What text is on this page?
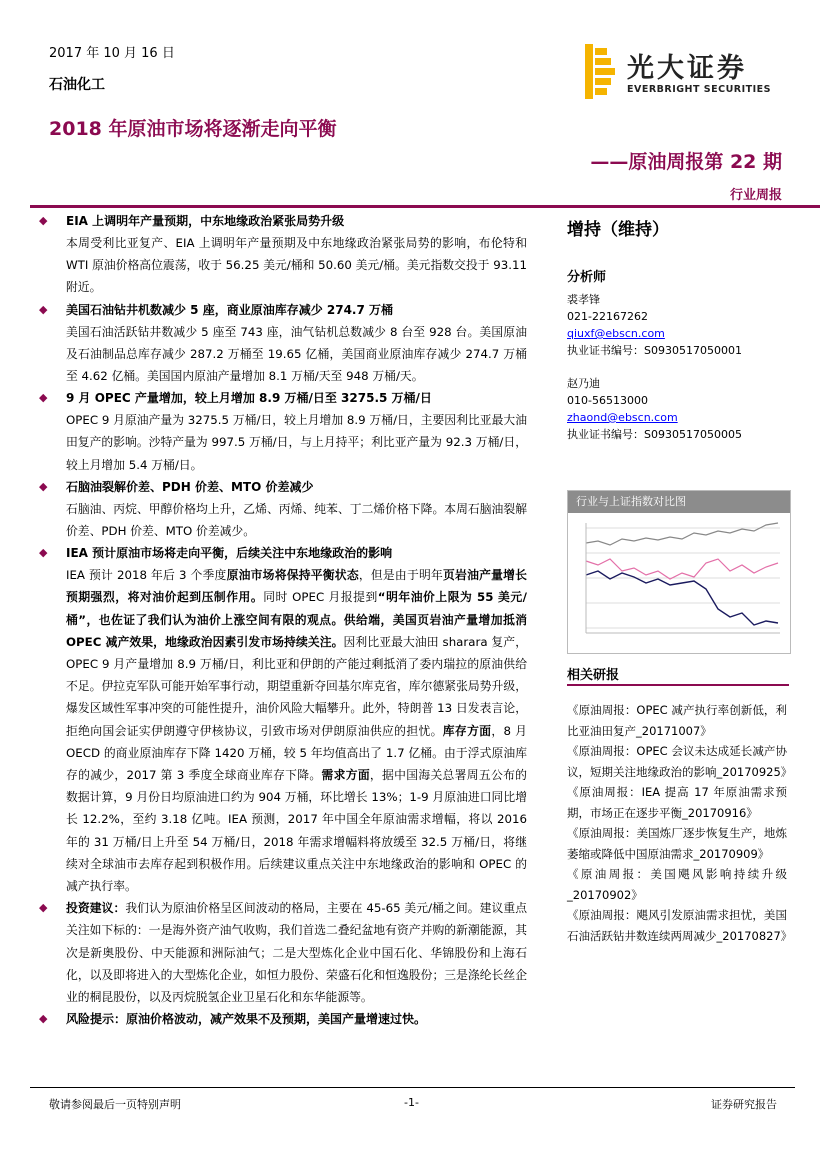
2017 年 10 月 16 日
石油化工
2018 年原油市场将逐渐走向平衡
——原油周报第 22 期
行业周报
光大证券
EVERBRIGHT SECURITIES
◆ EIA 上调明年产量预期，中东地缘政治紧张局势升级
本周受利比亚复产、EIA 上调明年产量预期及中东地缘政治紧张局势的影响，布伦特和 WTI 原油价格高位震荡，收于 56.25 美元/桶和 50.60 美元/桶。美元指数交投于 93.11 附近。
◆ 美国石油钻井机数减少 5 座，商业原油库存减少 274.7 万桶
美国石油活跃钻井数减少 5 座至 743 座，油气钻机总数减少 8 台至 928 台。美国原油及石油制品总库存减少 287.2 万桶至 19.65 亿桶，美国商业原油库存减少 274.7 万桶至 4.62 亿桶。美国国内原油产量增加 8.1 万桶/天至 948 万桶/天。
◆ 9 月 OPEC 产量增加，较上月增加 8.9 万桶/日至 3275.5 万桶/日
OPEC 9 月原油产量为 3275.5 万桶/日，较上月增加 8.9 万桶/日，主要因利比亚最大油田复产的影响。沙特产量为 997.5 万桶/日，与上月持平；利比亚产量为 92.3 万桶/日，较上月增加 5.4 万桶/日。
◆ 石脑油裂解价差、PDH 价差、MTO 价差减少
石脑油、丙烷、甲醇价格均上升，乙烯、丙烯、纯苯、丁二烯价格下降。本周石脑油裂解价差、PDH 价差、MTO 价差减少。
◆ IEA 预计原油市场将走向平衡，后续关注中东地缘政治的影响
IEA 预计 2018 年后 3 个季度原油市场将保持平衡状态，但是由于明年页岩油产量增长预期强烈，将对油价起到压制作用。同时 OPEC 月报提到“明年油价上限为 55 美元/桶”，也佐证了我们认为油价上涨空间有限的观点。供给端，美国页岩油产量增加抵消 OPEC 减产效果，地缘政治因素引发市场持续关注。因利比亚最大油田 sharara 复产，OPEC 9 月产量增加 8.9 万桶/日，利比亚和伊朗的产能过剩抵消了委内瑞拉的原油供给不足。伊拉克军队可能开始军事行动，期望重新夺回基尔库克省，库尔德紧张局势升级，爆发区域性军事冲突的可能性提升，油价风险大幅攀升。此外，特朗普 13 日发表言论，拒绝向国会证实伊朗遵守伊核协议，引致市场对伊朗原油供应的担忧。库存方面，8 月 OECD 的商业原油库存下降 1420 万桶，较 5 年均值高出了 1.7 亿桶。由于浮式原油库存的减少，2017 第 3 季度全球商业库存下降。需求方面，据中国海关总署周五公布的数据计算，9 月份日均原油进口约为 904 万桶，环比增长 13%；1-9 月原油进口同比增长 12.2%，至约 3.18 亿吨。IEA 预测，2017 年中国全年原油需求增幅，将以 2016 年的 31 万桶/日上升至 54 万桶/日，2018 年需求增幅料将放缓至 32.5 万桶/日，将继续对全球油市去库存起到积极作用。后续建议重点关注中东地缘政治的影响和 OPEC 的减产执行率。
◆ 投资建议：我们认为原油价格呈区间波动的格局，主要在 45-65 美元/桶之间。建议重点关注如下标的：一是海外资产油气收购，我们首选二叠纪盆地有资产并购的新潮能源，其次是新奥股份、中天能源和洲际油气；二是大型炼化企业中国石化、华锦股份和上海石化，以及即将进入的大型炼化企业，如恒力股份、荣盛石化和恒逸股份；三是涤纶长丝企业的桐昆股份，以及丙烷脱氢企业卫星石化和东华能源等。
◆ 风险提示：原油价格波动，减产效果不及预期，美国产量增速过快。
增持（维持）
分析师
裘孝锋
021-22167262
qiuxf@ebscn.com
执业证书编号：S0930517050001
赵乃迪
010-56513000
zhaond@ebscn.com
执业证书编号：S0930517050005
行业与上证指数对比图
相关研报
《原油周报：OPEC 减产执行率创新低，利比亚油田复产_20171007》
《原油周报：OPEC 会议未达成延长减产协议，短期关注地缘政治的影响_20170925》
《原油周报：IEA 提高 17 年原油需求预期，市场正在逐步平衡_20170916》
《原油周报：美国炼厂逐步恢复生产，地炼萎缩或降低中国原油需求_20170909》
《原油周报：美国飓风影响持续升级_20170902》
《原油周报：飓风引发原油需求担忧，美国石油活跃钻井数连续两周减少_20170827》
敬请参阅最后一页特别声明	-1-	证券研究报告
